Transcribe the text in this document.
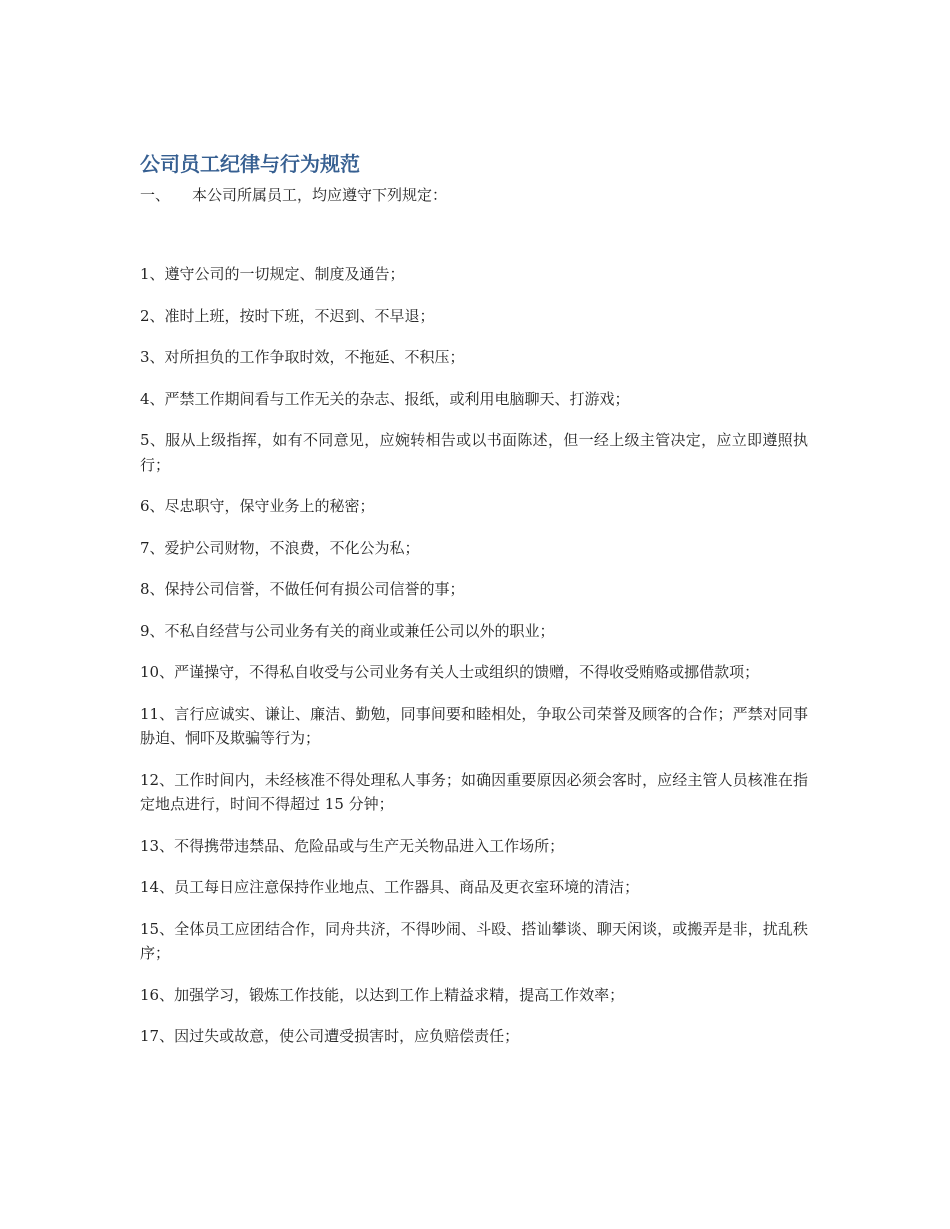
公司员工纪律与行为规范
一、 本公司所属员工，均应遵守下列规定：
1、遵守公司的一切规定、制度及通告；
2、准时上班，按时下班，不迟到、不早退；
3、对所担负的工作争取时效，不拖延、不积压；
4、严禁工作期间看与工作无关的杂志、报纸，或利用电脑聊天、打游戏；
5、服从上级指挥，如有不同意见，应婉转相告或以书面陈述，但一经上级主管决定，应立即遵照执行；
6、尽忠职守，保守业务上的秘密；
7、爱护公司财物，不浪费，不化公为私；
8、保持公司信誉，不做任何有损公司信誉的事；
9、不私自经营与公司业务有关的商业或兼任公司以外的职业；
10、严谨操守，不得私自收受与公司业务有关人士或组织的馈赠，不得收受贿赂或挪借款项；
11、言行应诚实、谦让、廉洁、勤勉，同事间要和睦相处，争取公司荣誉及顾客的合作；严禁对同事胁迫、恫吓及欺骗等行为；
12、工作时间内，未经核准不得处理私人事务；如确因重要原因必须会客时，应经主管人员核准在指定地点进行，时间不得超过 15 分钟；
13、不得携带违禁品、危险品或与生产无关物品进入工作场所；
14、员工每日应注意保持作业地点、工作器具、商品及更衣室环境的清洁；
15、全体员工应团结合作，同舟共济，不得吵闹、斗殴、搭讪攀谈、聊天闲谈，或搬弄是非，扰乱秩序；
16、加强学习，锻炼工作技能，以达到工作上精益求精，提高工作效率；
17、因过失或故意，使公司遭受损害时，应负赔偿责任；
